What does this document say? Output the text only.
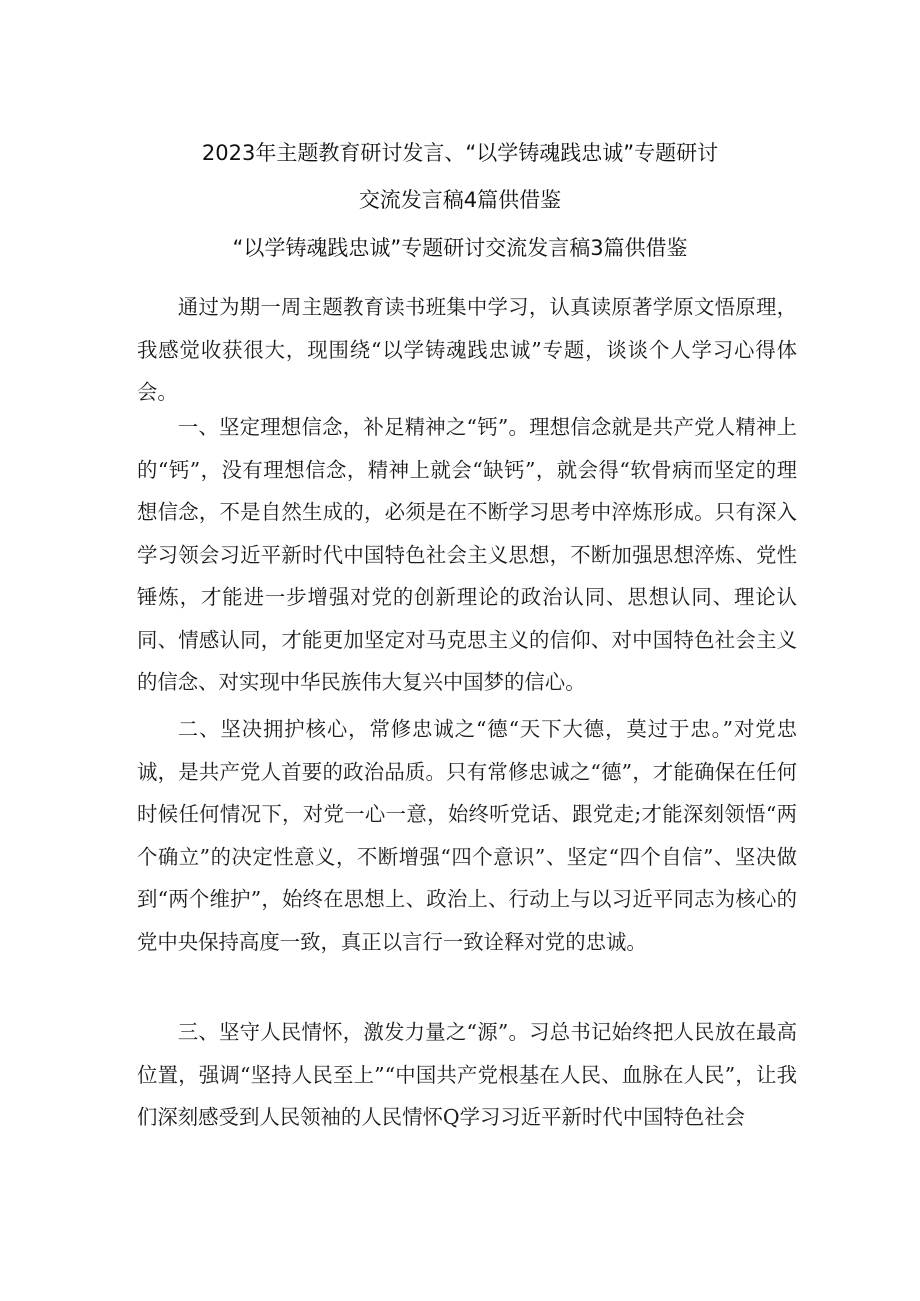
2023年主题教育研讨发言、“以学铸魂践忠诚”专题研讨
交流发言稿4篇供借鉴
“以学铸魂践忠诚”专题研讨交流发言稿3篇供借鉴

通过为期一周主题教育读书班集中学习，认真读原著学原文悟原理，我感觉收获很大，现围绕“以学铸魂践忠诚”专题，谈谈个人学习心得体会。

一、坚定理想信念，补足精神之“钙”。理想信念就是共产党人精神上的“钙”，没有理想信念，精神上就会“缺钙”，就会得“软骨病而坚定的理想信念，不是自然生成的，必须是在不断学习思考中淬炼形成。只有深入学习领会习近平新时代中国特色社会主义思想，不断加强思想淬炼、党性锤炼，才能进一步增强对党的创新理论的政治认同、思想认同、理论认同、情感认同，才能更加坚定对马克思主义的信仰、对中国特色社会主义的信念、对实现中华民族伟大复兴中国梦的信心。

二、坚决拥护核心，常修忠诚之“德“天下大德，莫过于忠。”对党忠诚，是共产党人首要的政治品质。只有常修忠诚之“德”，才能确保在任何时候任何情况下，对党一心一意，始终听党话、跟党走;才能深刻领悟“两个确立”的决定性意义，不断增强“四个意识”、坚定“四个自信”、坚决做到“两个维护”，始终在思想上、政治上、行动上与以习近平同志为核心的党中央保持高度一致，真正以言行一致诠释对党的忠诚。

三、坚守人民情怀，激发力量之“源”。习总书记始终把人民放在最高位置，强调“坚持人民至上”“中国共产党根基在人民、血脉在人民”，让我们深刻感受到人民领袖的人民情怀Q学习习近平新时代中国特色社会
